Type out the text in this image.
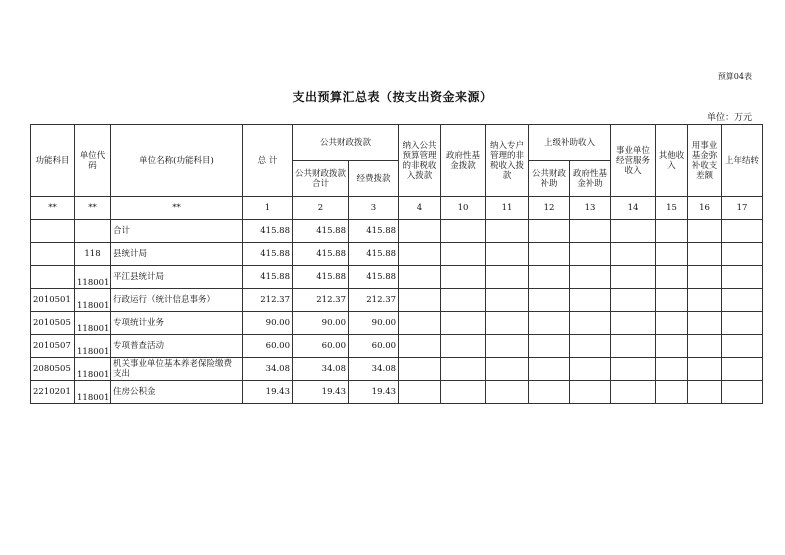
预算04表
支出预算汇总表（按支出资金来源）
单位：万元
功能科目	单位代码	单位名称(功能科目)	总 计	公共财政拨款		纳入公共预算管理的非税收入拨款	政府性基金拨款	纳入专户管理的非税收入拨款	上级补助收入		事业单位经营服务收入	其他收入	用事业基金弥补收支差额	上年结转
				公共财政拨款合计	经费拨款				公共财政补助	政府性基金补助				
**	**	**	1	2	3	4	10	11	12	13	14	15	16	17
		合计	415.88	415.88	415.88									
	118	县统计局	415.88	415.88	415.88									
	118001	平江县统计局	415.88	415.88	415.88									
2010501	118001	行政运行（统计信息事务）	212.37	212.37	212.37									
2010505	118001	专项统计业务	90.00	90.00	90.00									
2010507	118001	专项普查活动	60.00	60.00	60.00									
2080505	118001	机关事业单位基本养老保险缴费支出	34.08	34.08	34.08									
2210201	118001	住房公积金	19.43	19.43	19.43									
